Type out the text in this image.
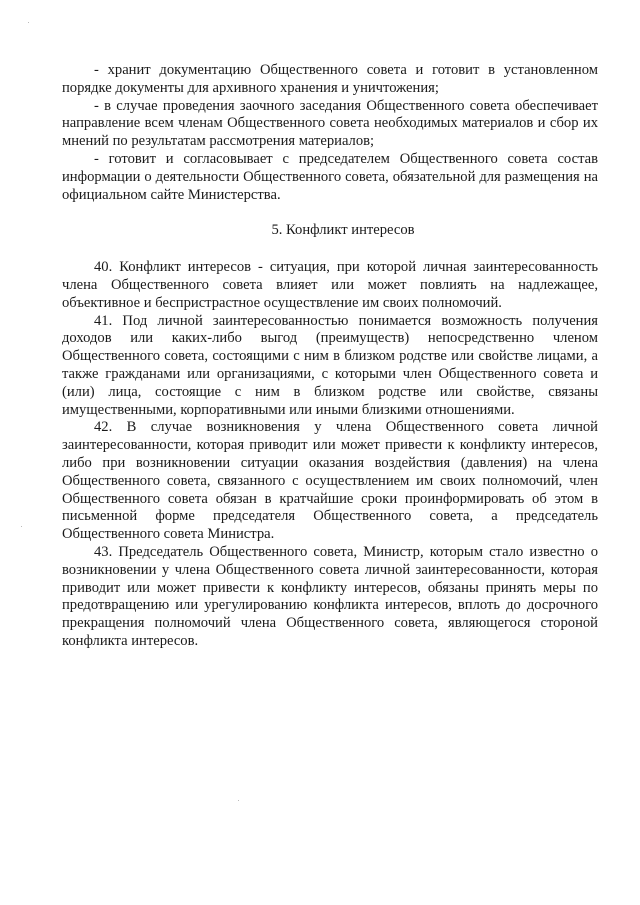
- хранит документацию Общественного совета и готовит в установленном порядке документы для архивного хранения и уничтожения;

- в случае проведения заочного заседания Общественного совета обеспечивает направление всем членам Общественного совета необходимых материалов и сбор их мнений по результатам рассмотрения материалов;

- готовит и согласовывает с председателем Общественного совета состав информации о деятельности Общественного совета, обязательной для размещения на официальном сайте Министерства.

5. Конфликт интересов

40. Конфликт интересов - ситуация, при которой личная заинтересованность члена Общественного совета влияет или может повлиять на надлежащее, объективное и беспристрастное осуществление им своих полномочий.

41. Под личной заинтересованностью понимается возможность получения доходов или каких-либо выгод (преимуществ) непосредственно членом Общественного совета, состоящими с ним в близком родстве или свойстве лицами, а также гражданами или организациями, с которыми член Общественного совета и (или) лица, состоящие с ним в близком родстве или свойстве, связаны имущественными, корпоративными или иными близкими отношениями.

42. В случае возникновения у члена Общественного совета личной заинтересованности, которая приводит или может привести к конфликту интересов, либо при возникновении ситуации оказания воздействия (давления) на члена Общественного совета, связанного с осуществлением им своих полномочий, член Общественного совета обязан в кратчайшие сроки проинформировать об этом в письменной форме председателя Общественного совета, а председатель Общественного совета Министра.

43. Председатель Общественного совета, Министр, которым стало известно о возникновении у члена Общественного совета личной заинтересованности, которая приводит или может привести к конфликту интересов, обязаны принять меры по предотвращению или урегулированию конфликта интересов, вплоть до досрочного прекращения полномочий члена Общественного совета, являющегося стороной конфликта интересов.
